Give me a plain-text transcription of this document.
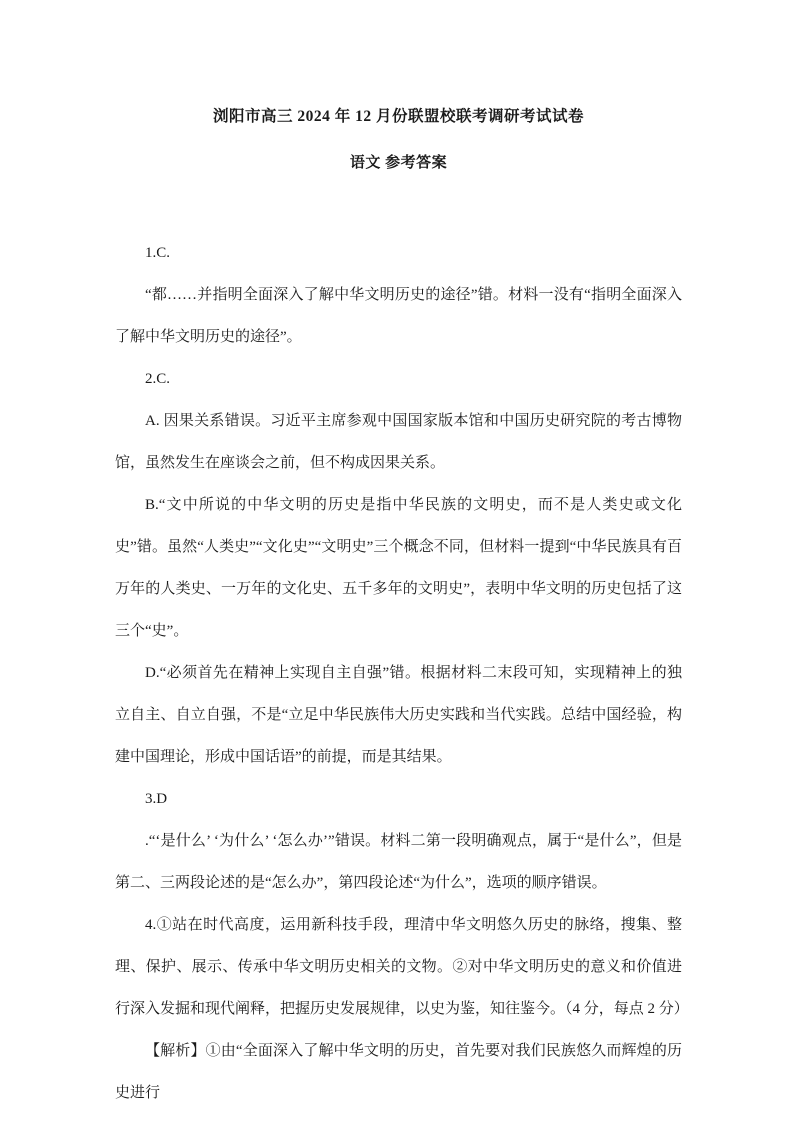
浏阳市高三 2024 年 12 月份联盟校联考调研考试试卷
语文 参考答案

1.C.

“都……并指明全面深入了解中华文明历史的途径”错。材料一没有“指明全面深入了解中华文明历史的途径”。

2.C.

A. 因果关系错误。习近平主席参观中国国家版本馆和中国历史研究院的考古博物馆，虽然发生在座谈会之前，但不构成因果关系。

B.“文中所说的中华文明的历史是指中华民族的文明史，而不是人类史或文化史”错。虽然“人类史”“文化史”“文明史”三个概念不同，但材料一提到“中华民族具有百万年的人类史、一万年的文化史、五千多年的文明史”，表明中华文明的历史包括了这三个“史”。

D.“必须首先在精神上实现自主自强”错。根据材料二末段可知，实现精神上的独立自主、自立自强，不是“立足中华民族伟大历史实践和当代实践。总结中国经验，构建中国理论，形成中国话语”的前提，而是其结果。

3.D

.“‘是什么’ ‘为什么’ ‘怎么办’”错误。材料二第一段明确观点，属于“是什么”，但是第二、三两段论述的是“怎么办”，第四段论述“为什么”，选项的顺序错误。

4.①站在时代高度，运用新科技手段，理清中华文明悠久历史的脉络，搜集、整理、保护、展示、传承中华文明历史相关的文物。②对中华文明历史的意义和价值进行深入发掘和现代阐释，把握历史发展规律，以史为鉴，知往鉴今。（4 分，每点 2 分）

【解析】①由“全面深入了解中华文明的历史，首先要对我们民族悠久而辉煌的历史进行
